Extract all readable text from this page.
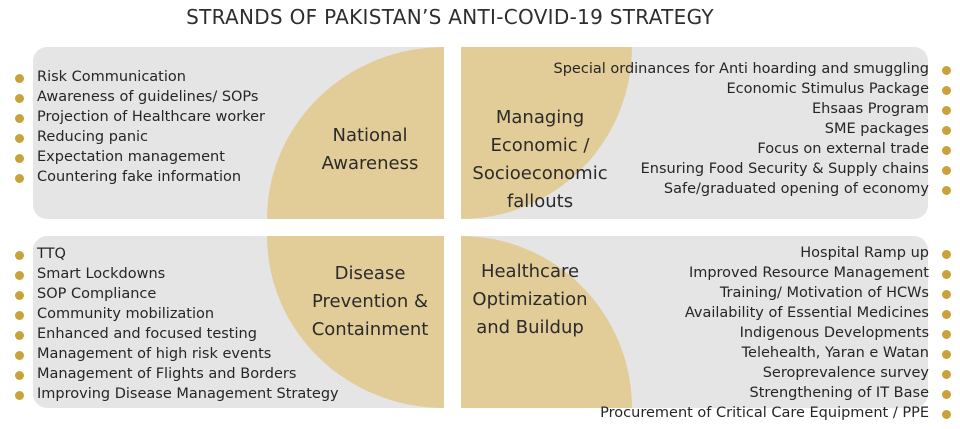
STRANDS OF PAKISTAN’S ANTI-COVID-19 STRATEGY
National
Awareness
Managing
Economic /
Socioeconomic
fallouts
Disease
Prevention &
Containment
Healthcare
Optimization
and Buildup
Risk Communication
Awareness of guidelines/ SOPs
Projection of Healthcare worker
Reducing panic
Expectation management
Countering fake information
Special ordinances for Anti hoarding and smuggling
Economic Stimulus Package
Ehsaas Program
SME packages
Focus on external trade
Ensuring Food Security & Supply chains
Safe/graduated opening of economy
TTQ
Smart Lockdowns
SOP Compliance
Community mobilization
Enhanced and focused testing
Management of high risk events
Management of Flights and Borders
Improving Disease Management Strategy
Hospital Ramp up
Improved Resource Management
Training/ Motivation of HCWs
Availability of Essential Medicines
Indigenous Developments
Telehealth, Yaran e Watan
Seroprevalence survey
Strengthening of IT Base
Procurement of Critical Care Equipment / PPE
